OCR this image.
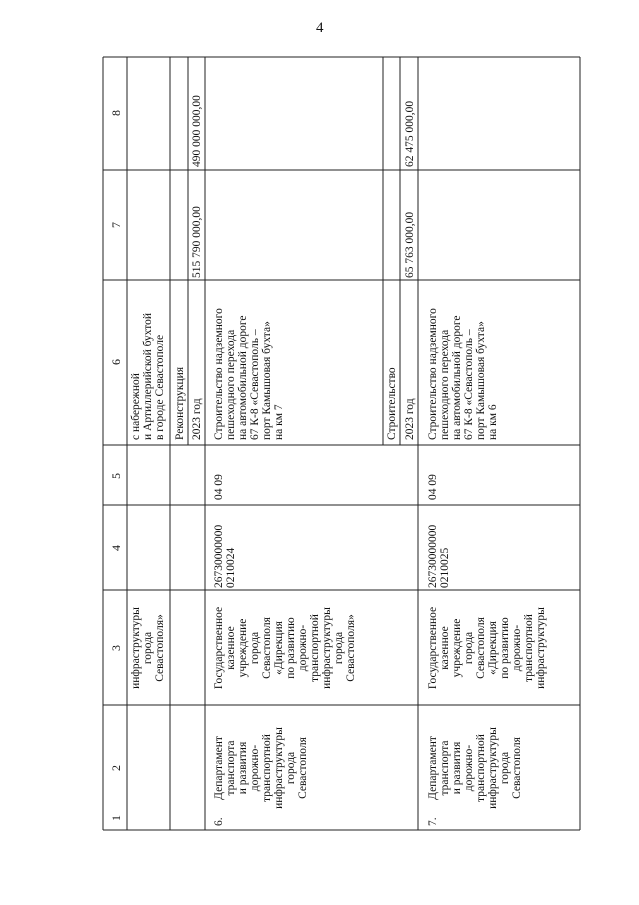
4
1
2
3
4
5
6
7
8
инфраструктуры города Севастополя»
с набережной и Артиллерийской бухтой в городе Севастополе Реконструкция 2023 год
515 790 000,00
490 000 000,00
6.
Департамент транспорта и развития дорожно- транспортной инфраструктуры города Севастополя
Государственное казенное учреждение города Севастополя «Дирекция по развитию дорожно- транспортной инфраструктуры города Севастополя»
26730000000 0210024
04 09
Строительство надземного пешеходного перехода на автомобильной дороге 67 К-8 «Севастополь – порт Камышовая бухта» на км 7	Строительство 2023 год
65 763 000,00
62 475 000,00
7.
Департамент транспорта и развития дорожно- транспортной инфраструктуры города Севастополя
Государственное казенное учреждение города Севастополя «Дирекция по развитию дорожно- транспортной инфраструктуры
26730000000 0210025
04 09
Строительство надземного пешеходного перехода на автомобильной дороге 67 К-8 «Севастополь – порт Камышовая бухта» на км 6
